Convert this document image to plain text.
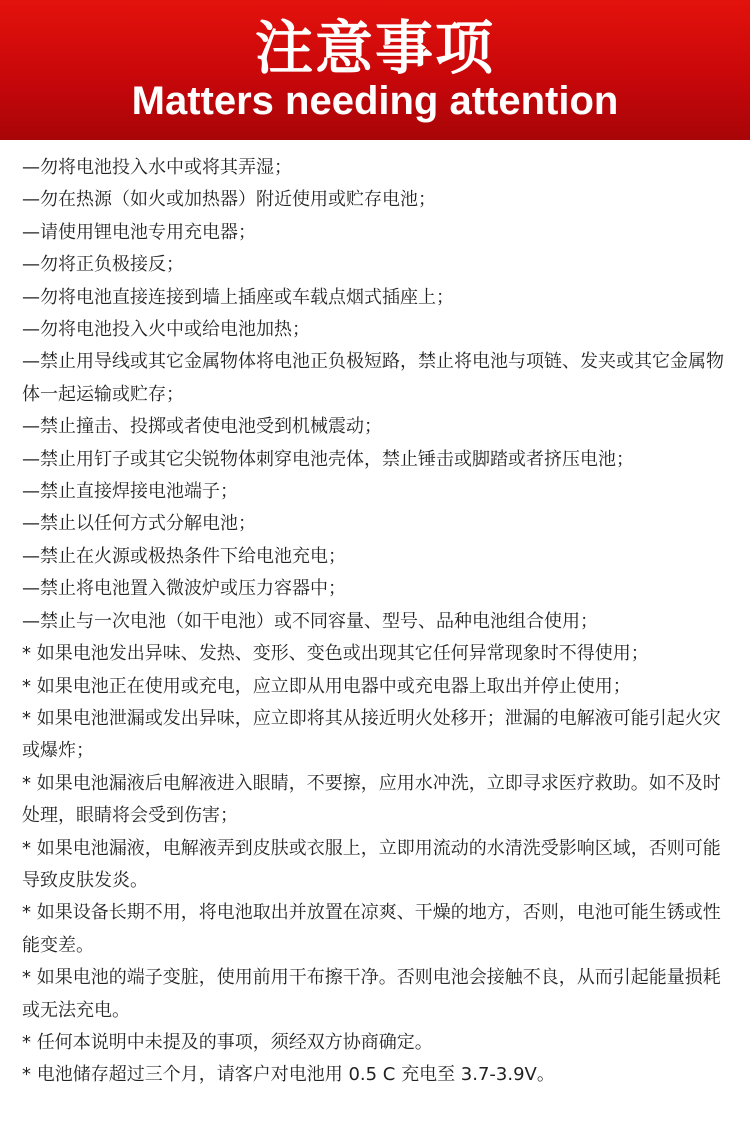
注意事项
Matters needing attention

—勿将电池投入水中或将其弄湿；

—勿在热源（如火或加热器）附近使用或贮存电池；

—请使用锂电池专用充电器；

—勿将正负极接反；

—勿将电池直接连接到墙上插座或车载点烟式插座上；

—勿将电池投入火中或给电池加热；

—禁止用导线或其它金属物体将电池正负极短路，禁止将电池与项链、发夹或其它金属物体一起运输或贮存；

—禁止撞击、投掷或者使电池受到机械震动；

—禁止用钉子或其它尖锐物体刺穿电池壳体，禁止锤击或脚踏或者挤压电池；

—禁止直接焊接电池端子；

—禁止以任何方式分解电池；

—禁止在火源或极热条件下给电池充电；

—禁止将电池置入微波炉或压力容器中；

—禁止与一次电池（如干电池）或不同容量、型号、品种电池组合使用；

* 如果电池发出异味、发热、变形、变色或出现其它任何异常现象时不得使用；

* 如果电池正在使用或充电，应立即从用电器中或充电器上取出并停止使用；

* 如果电池泄漏或发出异味，应立即将其从接近明火处移开；泄漏的电解液可能引起火灾或爆炸；

* 如果电池漏液后电解液进入眼睛，不要擦，应用水冲洗，立即寻求医疗救助。如不及时处理，眼睛将会受到伤害；

* 如果电池漏液，电解液弄到皮肤或衣服上，立即用流动的水清洗受影响区域，否则可能导致皮肤发炎。

* 如果设备长期不用，将电池取出并放置在凉爽、干燥的地方，否则，电池可能生锈或性能变差。

* 如果电池的端子变脏，使用前用干布擦干净。否则电池会接触不良，从而引起能量损耗或无法充电。

* 任何本说明中未提及的事项，须经双方协商确定。

* 电池储存超过三个月，请客户对电池用 0.5 C 充电至 3.7-3.9V。
